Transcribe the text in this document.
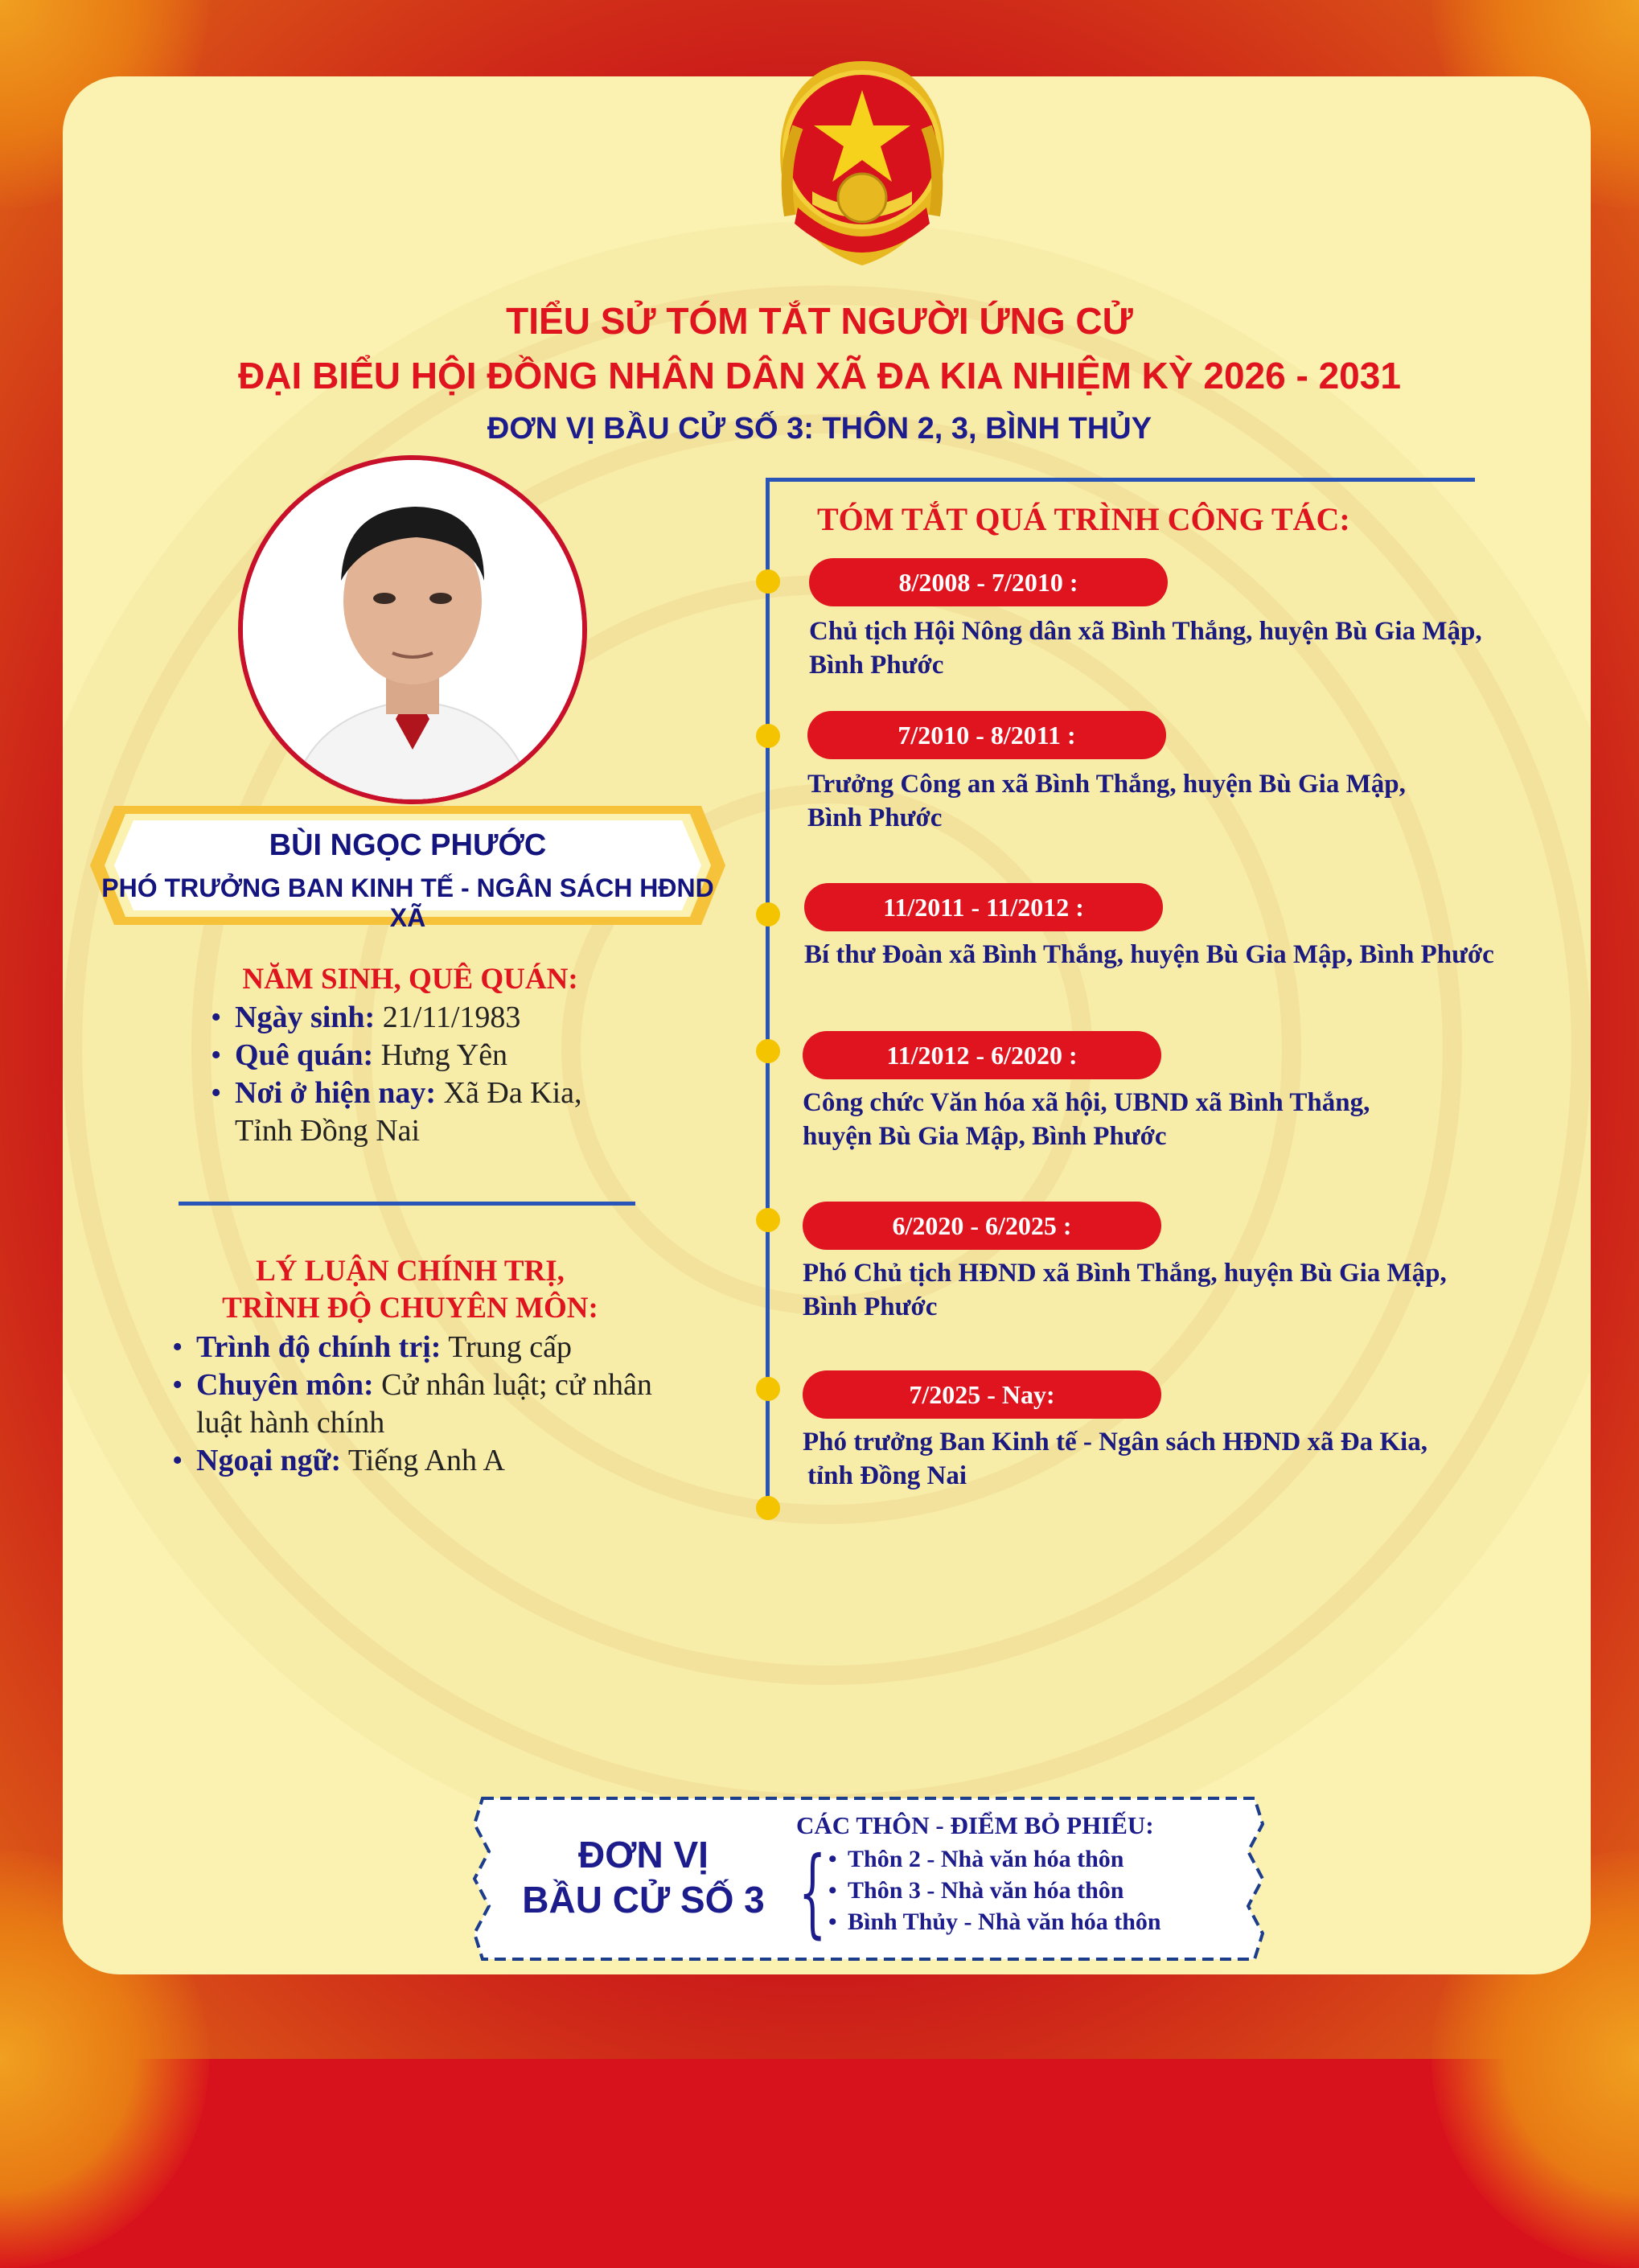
TIỂU SỬ TÓM TẮT NGƯỜI ỨNG CỬ
ĐẠI BIỂU HỘI ĐỒNG NHÂN DÂN XÃ ĐA KIA NHIỆM KỲ 2026 - 2031
ĐƠN VỊ BẦU CỬ SỐ 3: THÔN 2, 3, BÌNH THỦY
BÙI NGỌC PHƯỚC
PHÓ TRƯỞNG BAN KINH TẾ - NGÂN SÁCH HĐND XÃ
NĂM SINH, QUÊ QUÁN:
• Ngày sinh: 21/11/1983
• Quê quán: Hưng Yên
• Nơi ở hiện nay: Xã Đa Kia,
Tỉnh Đồng Nai
LÝ LUẬN CHÍNH TRỊ,
TRÌNH ĐỘ CHUYÊN MÔN:
• Trình độ chính trị: Trung cấp
• Chuyên môn: Cử nhân luật; cử nhân
luật hành chính
• Ngoại ngữ: Tiếng Anh A
TÓM TẮT QUÁ TRÌNH CÔNG TÁC:
8/2008 - 7/2010 :
Chủ tịch Hội Nông dân xã Bình Thắng, huyện Bù Gia Mập,
Bình Phước
7/2010 - 8/2011 :
Trưởng Công an xã Bình Thắng, huyện Bù Gia Mập,
Bình Phước
11/2011 - 11/2012 :
Bí thư Đoàn xã Bình Thắng, huyện Bù Gia Mập, Bình Phước
11/2012 - 6/2020 :
Công chức Văn hóa xã hội, UBND xã Bình Thắng,
huyện Bù Gia Mập, Bình Phước
6/2020 - 6/2025 :
Phó Chủ tịch HĐND xã Bình Thắng, huyện Bù Gia Mập,
Bình Phước
7/2025 - Nay:
Phó trưởng Ban Kinh tế - Ngân sách HĐND xã Đa Kia,
tỉnh Đồng Nai
ĐƠN VỊ
BẦU CỬ SỐ 3
CÁC THÔN - ĐIỂM BỎ PHIẾU:
{
• Thôn 2 - Nhà văn hóa thôn
• Thôn 3 - Nhà văn hóa thôn
• Bình Thủy - Nhà văn hóa thôn
